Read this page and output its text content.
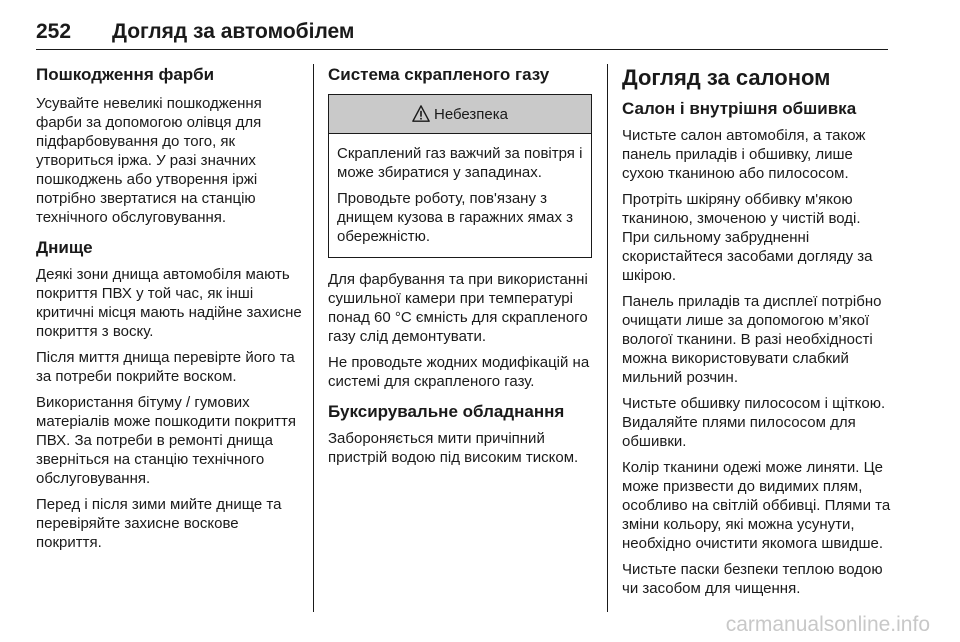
252 Догляд за автомобілем
Пошкодження фарби

Усувайте невеликі пошкодження фарби за допомогою олівця для підфарбовування до того, як утвориться іржа. У разі значних пошкоджень або утворення іржі потрібно звертатися на станцію технічного обслуговування.

Днище

Деякі зони днища автомобіля мають покриття ПВХ у той час, як інші критичні місця мають надійне захисне покриття з воску.

Після миття днища перевірте його та за потреби покрийте воском.

Використання бітуму / гумових матеріалів може пошкодити покриття ПВХ. За потреби в ремонті днища зверніться на станцію технічного обслуговування.

Перед і після зими мийте днище та перевіряйте захисне воскове покриття.

Система скрапленого газу
Небезпека

Скраплений газ важчий за повітря і може збиратися у западинах.

Проводьте роботу, пов'язану з днищем кузова в гаражних ямах з обережністю.

Для фарбування та при використанні сушильної камери при температурі понад 60 °C ємність для скрапленого газу слід демонтувати.

Не проводьте жодних модифікацій на системі для скрапленого газу.

Буксирувальне обладнання

Забороняється мити причіпний пристрій водою під високим тиском.

Догляд за салоном
Салон і внутрішня обшивка

Чистьте салон автомобіля, а також панель приладів і обшивку, лише сухою тканиною або пилососом.

Протріть шкіряну оббивку м'якою тканиною, змоченою у чистій воді. При сильному забрудненні скористайтеся засобами догляду за шкірою.

Панель приладів та дисплеї потрібно очищати лише за допомогою м’якої вологої тканини. В разі необхідності можна використовувати слабкий мильний розчин.

Чистьте обшивку пилососом і щіткою. Видаляйте плями пилососом для обшивки.

Колір тканини одежі може линяти. Це може призвести до видимих плям, особливо на світлій оббивці. Плями та зміни кольору, які можна усунути, необхідно очистити якомога швидше.

Чистьте паски безпеки теплою водою чи засобом для чищення.

carmanualsonline.info
